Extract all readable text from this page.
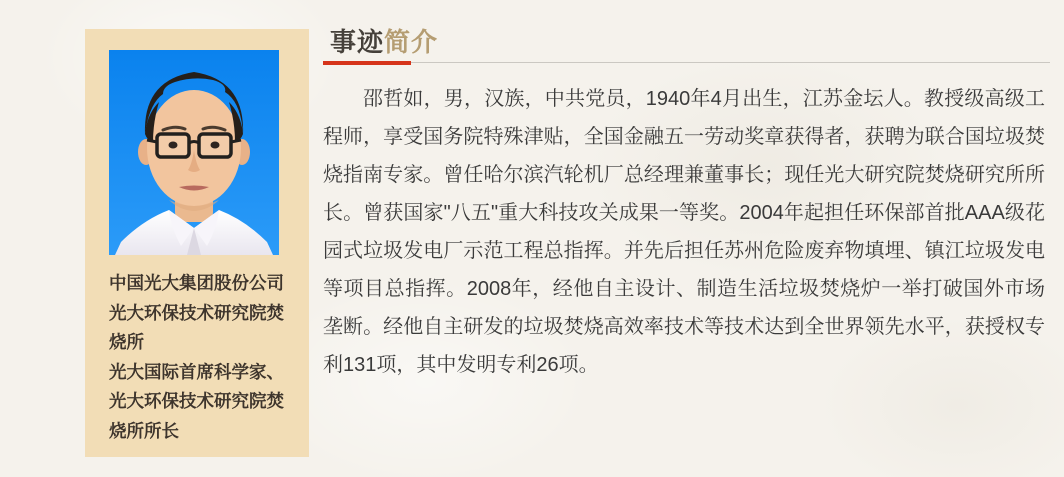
中国光大集团股份公司光大环保技术研究院焚烧所
光大国际首席科学家、光大环保技术研究院焚烧所所长
事迹简介

邵哲如，男，汉族，中共党员，1940年4月出生，江苏金坛人。教授级高级工程师，享受国务院特殊津贴，全国金融五一劳动奖章获得者，获聘为联合国垃圾焚烧指南专家。曾任哈尔滨汽轮机厂总经理兼董事长；现任光大研究院焚烧研究所所长。曾获国家"八五"重大科技攻关成果一等奖。2004年起担任环保部首批AAA级花园式垃圾发电厂示范工程总指挥。并先后担任苏州危险废弃物填埋、镇江垃圾发电等项目总指挥。2008年，经他自主设计、制造生活垃圾焚烧炉一举打破国外市场垄断。经他自主研发的垃圾焚烧高效率技术等技术达到全世界领先水平，获授权专利131项，其中发明专利26项。
